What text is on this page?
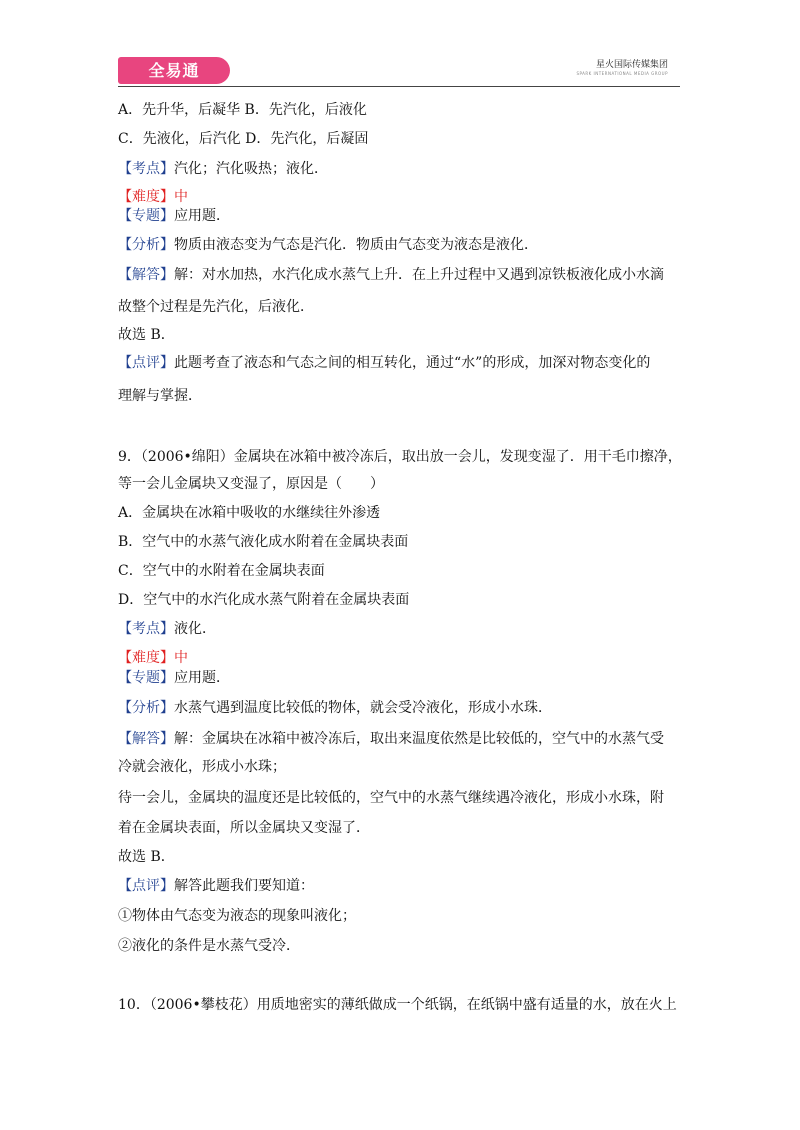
全易通	星火国际传媒集团
SPARK INTERNATIONAL MEDIA GROUP
A．先升华，后凝华 B．先汽化，后液化
C．先液化，后汽化 D．先汽化，后凝固
【考点】汽化；汽化吸热；液化．
【难度】中
【专题】应用题．
【分析】物质由液态变为气态是汽化．物质由气态变为液态是液化．
【解答】解：对水加热，水汽化成水蒸气上升．在上升过程中又遇到凉铁板液化成小水滴
故整个过程是先汽化，后液化．
故选 B．
【点评】此题考查了液态和气态之间的相互转化，通过“水”的形成，加深对物态变化的
理解与掌握．
9．（2006•绵阳）金属块在冰箱中被冷冻后，取出放一会儿，发现变湿了．用干毛巾擦净，
等一会儿金属块又变湿了，原因是（　　）
A．金属块在冰箱中吸收的水继续往外渗透
B．空气中的水蒸气液化成水附着在金属块表面
C．空气中的水附着在金属块表面
D．空气中的水汽化成水蒸气附着在金属块表面
【考点】液化．
【难度】中
【专题】应用题．
【分析】水蒸气遇到温度比较低的物体，就会受冷液化，形成小水珠．
【解答】解：金属块在冰箱中被冷冻后，取出来温度依然是比较低的，空气中的水蒸气受
冷就会液化，形成小水珠；
待一会儿，金属块的温度还是比较低的，空气中的水蒸气继续遇冷液化，形成小水珠，附
着在金属块表面，所以金属块又变湿了．
故选 B．
【点评】解答此题我们要知道：
①物体由气态变为液态的现象叫液化；
②液化的条件是水蒸气受冷．
10．（2006•攀枝花）用质地密实的薄纸做成一个纸锅，在纸锅中盛有适量的水，放在火上
